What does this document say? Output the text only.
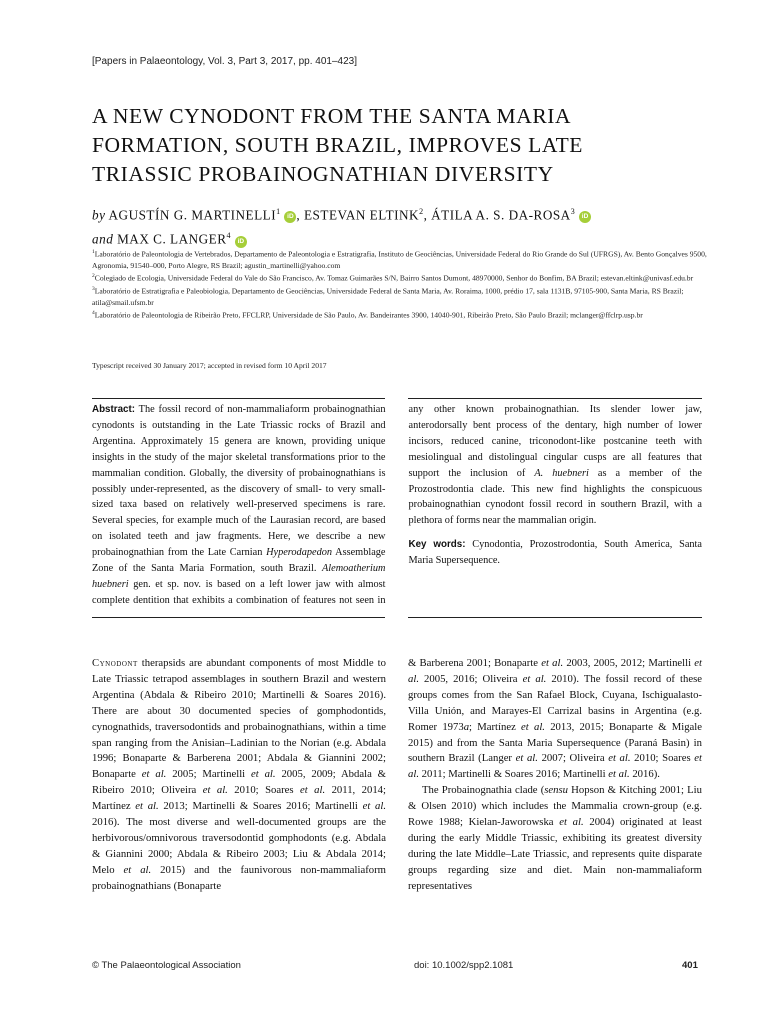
[Papers in Palaeontology, Vol. 3, Part 3, 2017, pp. 401–423]
A NEW CYNODONT FROM THE SANTA MARIA
FORMATION, SOUTH BRAZIL, IMPROVES LATE
TRIASSIC PROBAINOGNATHIAN DIVERSITY
by AGUSTÍN G. MARTINELLI$^1$ iD , ESTEVAN ELTINK$^2$, ÁTILA A. S. DA-ROSA$^3$ iD
and MAX C. LANGER$^4$ iD

$^1$Laboratório de Paleontologia de Vertebrados, Departamento de Paleontologia e Estratigrafia, Instituto de Geociências, Universidade Federal do Rio Grande do Sul (UFRGS), Av. Bento Gonçalves 9500, Agronomia, 91540–000, Porto Alegre, RS Brazil; agustin_martinelli@yahoo.com

$^2$Colegiado de Ecologia, Universidade Federal do Vale do São Francisco, Av. Tomaz Guimarães S/N, Bairro Santos Dumont, 48970000, Senhor do Bonfim, BA Brazil; estevan.eltink@univasf.edu.br

$^3$Laboratório de Estratigrafia e Paleobiologia, Departamento de Geociências, Universidade Federal de Santa Maria, Av. Roraima, 1000, prédio 17, sala 1131B, 97105-900, Santa Maria, RS Brazil; atila@smail.ufsm.br

$^4$Laboratório de Paleontologia de Ribeirão Preto, FFCLRP, Universidade de São Paulo, Av. Bandeirantes 3900, 14040-901, Ribeirão Preto, São Paulo Brazil; mclanger@ffclrp.usp.br

Typescript received 30 January 2017; accepted in revised form 10 April 2017

Abstract: The fossil record of non-mammaliaform probainognathian cynodonts is outstanding in the Late Triassic rocks of Brazil and Argentina. Approximately 15 genera are known, providing unique insights in the study of the major skeletal transformations prior to the mammalian condition. Globally, the diversity of probainognathians is possibly under-represented, as the discovery of small- to very small-sized taxa based on relatively well-preserved specimens is rare. Several species, for example much of the Laurasian record, are based on isolated teeth and jaw fragments. Here, we describe a new probainognathian from the Late Carnian Hyperodapedon Assemblage Zone of the Santa Maria Formation, south Brazil. Alemoatherium huebneri gen. et sp. nov. is based on a left lower jaw with almost complete dentition that exhibits a combination of features not seen in any other known probainognathian. Its slender lower jaw, anterodorsally bent process of the dentary, high number of lower incisors, reduced canine, triconodont-like postcanine teeth with mesiolingual and distolingual cingular cusps are all features that support the inclusion of A. huebneri as a member of the Prozostrodontia clade. This new find highlights the conspicuous probainognathian cynodont fossil record in southern Brazil, with a plethora of forms near the mammalian origin.

Key words: Cynodontia, Prozostrodontia, South America, Santa Maria Supersequence.

Cynodont therapsids are abundant components of most Middle to Late Triassic tetrapod assemblages in southern Brazil and western Argentina (Abdala & Ribeiro 2010; Martinelli & Soares 2016). There are about 30 documented species of gomphodontids, cynognathids, traversodontids and probainognathians, within a time span ranging from the Anisian–Ladinian to the Norian (e.g. Abdala 1996; Bonaparte & Barberena 2001; Abdala & Giannini 2002; Bonaparte et al. 2005; Martinelli et al. 2005, 2009; Abdala & Ribeiro 2010; Oliveira et al. 2010; Soares et al. 2011, 2014; Martínez et al. 2013; Martinelli & Soares 2016; Martinelli et al. 2016). The most diverse and well-documented groups are the herbivorous/omnivorous traversodontid gomphodonts (e.g. Abdala & Giannini 2000; Abdala & Ribeiro 2003; Liu & Abdala 2014; Melo et al. 2015) and the faunivorous non-mammaliaform probainognathians (Bonaparte

& Barberena 2001; Bonaparte et al. 2003, 2005, 2012; Martinelli et al. 2005, 2016; Oliveira et al. 2010). The fossil record of these groups comes from the San Rafael Block, Cuyana, Ischigualasto-Villa Unión, and Marayes-El Carrizal basins in Argentina (e.g. Romer 1973a; Martínez et al. 2013, 2015; Bonaparte & Migale 2015) and from the Santa Maria Supersequence (Paraná Basin) in southern Brazil (Langer et al. 2007; Oliveira et al. 2010; Soares et al. 2011; Martinelli & Soares 2016; Martinelli et al. 2016).

The Probainognathia clade (sensu Hopson & Kitching 2001; Liu & Olsen 2010) which includes the Mammalia crown-group (e.g. Rowe 1988; Kielan-Jaworowska et al. 2004) originated at least during the early Middle Triassic, exhibiting its greatest diversity during the late Middle–Late Triassic, and represents quite disparate groups regarding size and diet. Main non-mammaliaform representatives

© The Palaeontological Association	doi: 10.1002/spp2.1081	401
